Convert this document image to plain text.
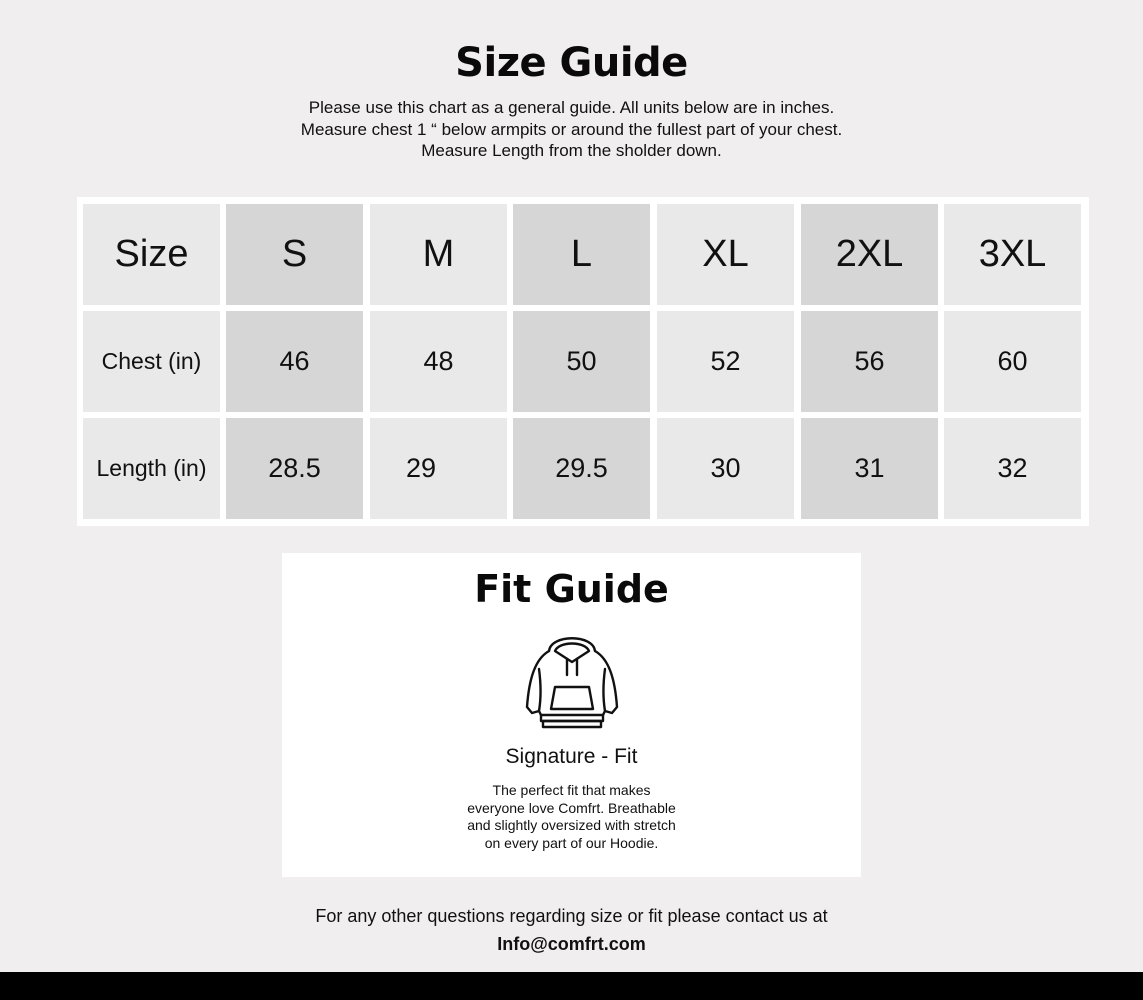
Size Guide
Please use this chart as a general guide. All units below are in inches.
Measure chest 1 “ below armpits or around the fullest part of your chest.
Measure Length from the sholder down.
Size	S	M	L	XL	2XL	3XL
Chest (in)	46	48	50	52	56	60
Length (in)	28.5	29	29.5	30	31	32
Fit Guide
Signature - Fit
The perfect fit that makes
everyone love Comfrt. Breathable
and slightly oversized with stretch
on every part of our Hoodie.
For any other questions regarding size or fit please contact us at
Info@comfrt.com
